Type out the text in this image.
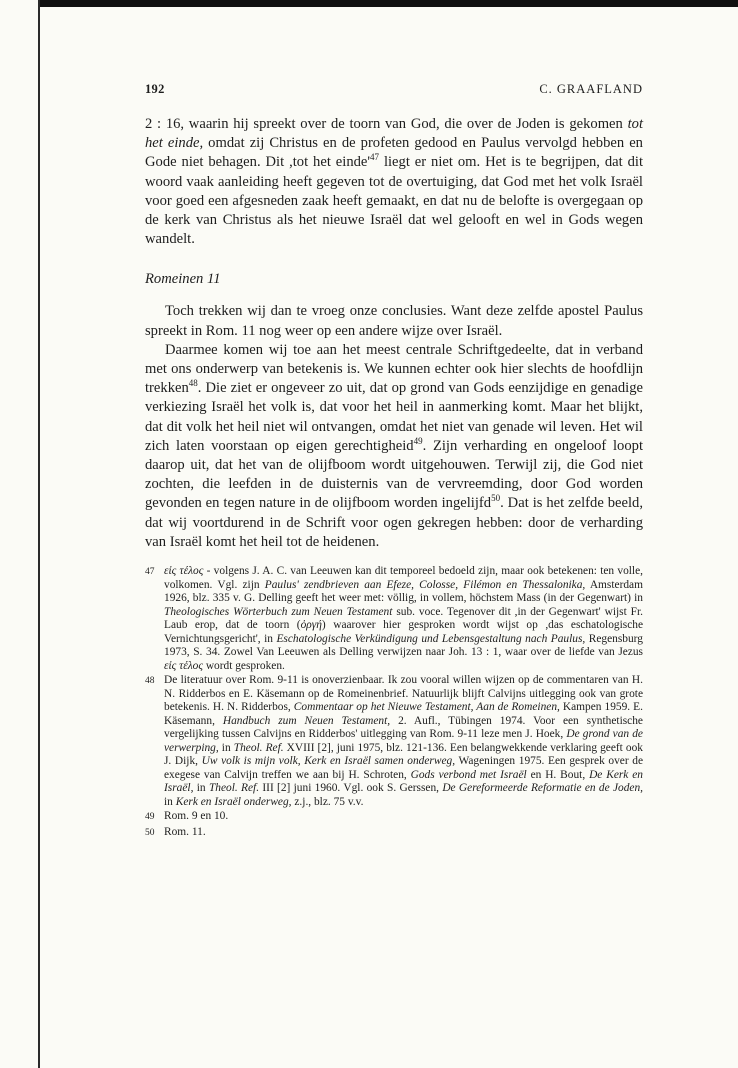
192	C. GRAAFLAND

2 : 16, waarin hij spreekt over de toorn van God, die over de Joden is gekomen tot het einde, omdat zij Christus en de profeten gedood en Paulus vervolgd hebben en Gode niet behagen. Dit ,tot het $einde'^{47}$ liegt er niet om. Het is te begrijpen, dat dit woord vaak aanleiding heeft gegeven tot de overtuiging, dat God met het volk Israël voor goed een afgesneden zaak heeft gemaakt, en dat nu de belofte is overgegaan op de kerk van Christus als het nieuwe Israël dat wel gelooft en wel in Gods wegen wandelt.

Romeinen 11

Toch trekken wij dan te vroeg onze conclusies. Want deze zelfde apostel Paulus spreekt in Rom. 11 nog weer op een andere wijze over Israël.

Daarmee komen wij toe aan het meest centrale Schriftgedeelte, dat in verband met ons onderwerp van betekenis is. We kunnen echter ook hier slechts de hoofdlijn trekken$^{48}$. Die ziet er ongeveer zo uit, dat op grond van Gods eenzijdige en genadige verkiezing Israël het volk is, dat voor het heil in aanmerking komt. Maar het blijkt, dat dit volk het heil niet wil ontvangen, omdat het niet van genade wil leven. Het wil zich laten voorstaan op eigen gerechtigheid$^{49}$. Zijn verharding en ongeloof loopt daarop uit, dat het van de olijfboom wordt uitgehouwen. Terwijl zij, die God niet zochten, die leefden in de duisternis van de vervreemding, door God worden gevonden en tegen nature in de olijfboom worden ingelijfd$^{50}$. Dat is het zelfde beeld, dat wij voortdurend in de Schrift voor ogen gekregen hebben: door de verharding van Israël komt het heil tot de heidenen.

47 εἰς τέλος - volgens J. A. C. van Leeuwen kan dit temporeel bedoeld zijn, maar ook betekenen: ten volle, volkomen. Vgl. zijn Paulus' zendbrieven aan Efeze, Colosse, Filémon en Thessalonika, Amsterdam 1926, blz. 335 v. G. Delling geeft het weer met: völlig, in vollem, höchstem Mass (in der Gegenwart) in Theologisches Wörterbuch zum Neuen Testament sub. voce. Tegenover dit ,in der Gegenwart' wijst Fr. Laub erop, dat de toorn (ὀργή) waarover hier gesproken wordt wijst op ,das eschatologische Vernichtungsgericht', in Eschatologische Verkündigung und Lebensgestaltung nach Paulus, Regensburg 1973, S. 34. Zowel Van Leeuwen als Delling verwijzen naar Joh. 13 : 1, waar over de liefde van Jezus εἰς τέλος wordt gesproken.
48 De literatuur over Rom. 9-11 is onoverzienbaar. Ik zou vooral willen wijzen op de commentaren van H. N. Ridderbos en E. Käsemann op de Romeinenbrief. Natuurlijk blijft Calvijns uitlegging ook van grote betekenis. H. N. Ridderbos, Commentaar op het Nieuwe Testament, Aan de Romeinen, Kampen 1959. E. Käsemann, Handbuch zum Neuen Testament, 2. Aufl., Tübingen 1974. Voor een synthetische vergelijking tussen Calvijns en Ridderbos' uitlegging van Rom. 9-11 leze men J. Hoek, De grond van de verwerping, in Theol. Ref. XVIII [2], juni 1975, blz. 121-136. Een belangwekkende verklaring geeft ook J. Dijk, Uw volk is mijn volk, Kerk en Israël samen onderweg, Wageningen 1975. Een gesprek over de exegese van Calvijn treffen we aan bij H. Schroten, Gods verbond met Israël en H. Bout, De Kerk en Israël, in Theol. Ref. III [2] juni 1960. Vgl. ook S. Gerssen, De Gereformeerde Reformatie en de Joden, in Kerk en Israël onderweg, z.j., blz. 75 v.v.
49 Rom. 9 en 10.
50 Rom. 11.
